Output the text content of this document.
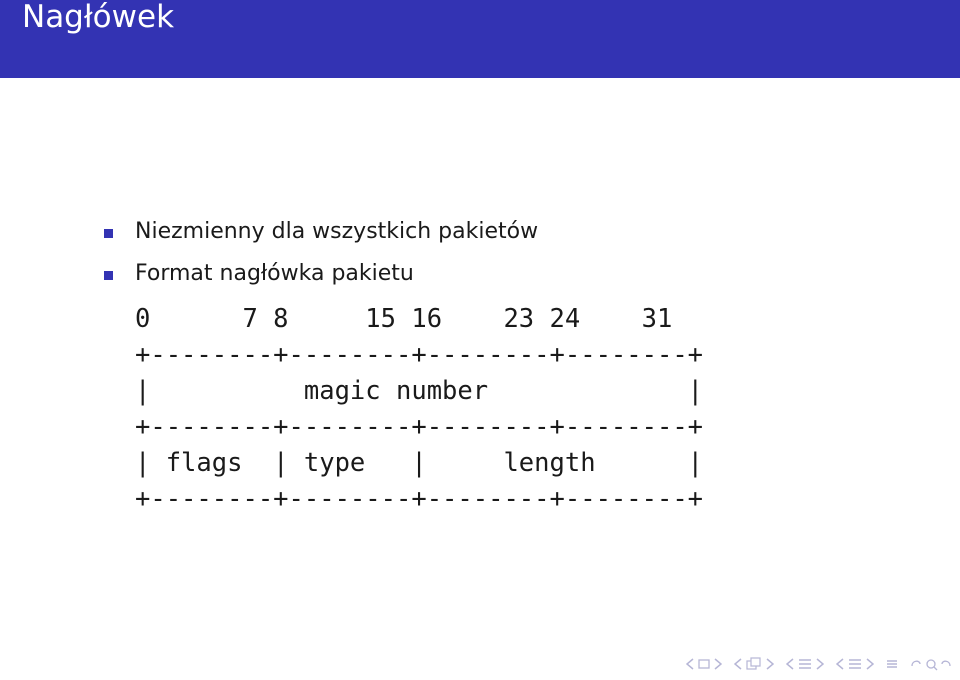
Nagłówek
Niezmienny dla wszystkich pakietów
Format nagłówka pakietu
0      7 8     15 16    23 24    31
+--------+--------+--------+--------+
|          magic number             |
+--------+--------+--------+--------+
| flags  | type   |     length      |
+--------+--------+--------+--------+
